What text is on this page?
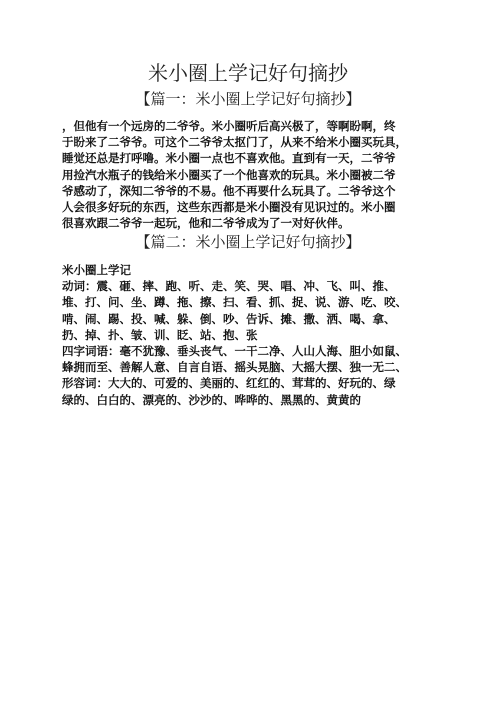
米小圈上学记好句摘抄
【篇一：米小圈上学记好句摘抄】
，但他有一个远房的二爷爷。米小圈听后高兴极了，等啊盼啊，终
于盼来了二爷爷。可这个二爷爷太抠门了，从来不给米小圈买玩具，
睡觉还总是打呼噜。米小圈一点也不喜欢他。直到有一天，二爷爷
用捡汽水瓶子的钱给米小圈买了一个他喜欢的玩具。米小圈被二爷
爷感动了，深知二爷爷的不易。他不再要什么玩具了。二爷爷这个
人会很多好玩的东西，这些东西都是米小圈没有见识过的。米小圈
很喜欢跟二爷爷一起玩，他和二爷爷成为了一对好伙伴。
【篇二：米小圈上学记好句摘抄】
米小圈上学记
动词：震、砸、摔、跑、听、走、笑、哭、唱、冲、飞、叫、推、
堆、打、问、坐、蹲、拖、擦、扫、看、抓、捉、说、游、吃、咬、
啃、闹、踢、投、喊、躲、倒、吵、告诉、摊、撒、洒、喝、拿、
扔、掉、扑、皱、训、眨、站、抱、张
四字词语：毫不犹豫、垂头丧气、一干二净、人山人海、胆小如鼠、
蜂拥而至、善解人意、自言自语、摇头晃脑、大摇大摆、独一无二、
形容词：大大的、可爱的、美丽的、红红的、茸茸的、好玩的、绿
绿的、白白的、漂亮的、沙沙的、哗哗的、黑黑的、黄黄的
